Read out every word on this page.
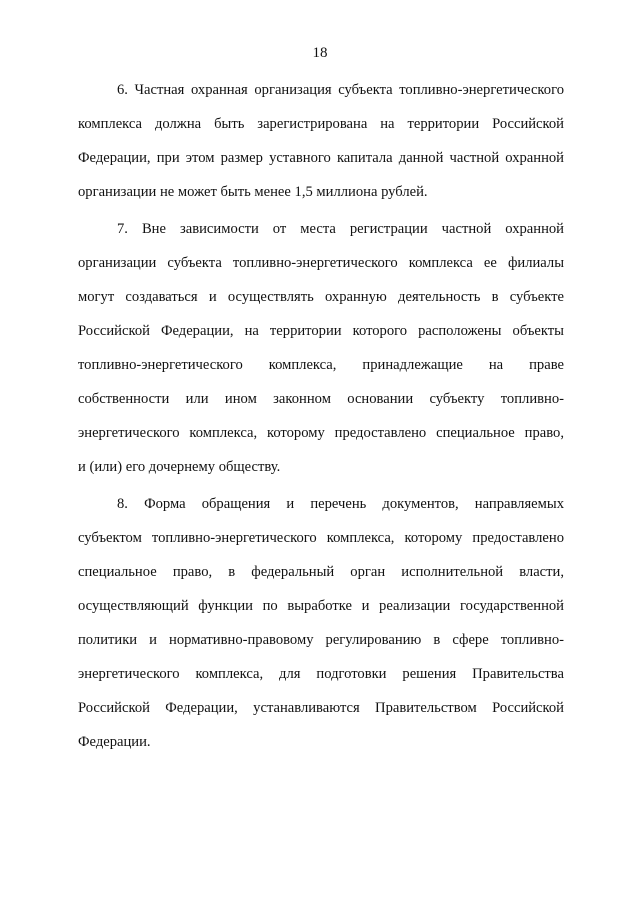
18
6. Частная охранная организация субъекта топливно-энергетического
комплекса должна быть зарегистрирована на территории Российской
Федерации, при этом размер уставного капитала данной частной охранной
организации не может быть менее 1,5 миллиона рублей.
7. Вне зависимости от места регистрации частной охранной
организации субъекта топливно-энергетического комплекса ее филиалы
могут создаваться и осуществлять охранную деятельность в субъекте
Российской Федерации, на территории которого расположены объекты
топливно-энергетического комплекса, принадлежащие на праве
собственности или ином законном основании субъекту топливно-
энергетического комплекса, которому предоставлено специальное право,
и (или) его дочернему обществу.
8. Форма обращения и перечень документов, направляемых
субъектом топливно-энергетического комплекса, которому предоставлено
специальное право, в федеральный орган исполнительной власти,
осуществляющий функции по выработке и реализации государственной
политики и нормативно-правовому регулированию в сфере топливно-
энергетического комплекса, для подготовки решения Правительства
Российской Федерации, устанавливаются Правительством Российской
Федерации.
